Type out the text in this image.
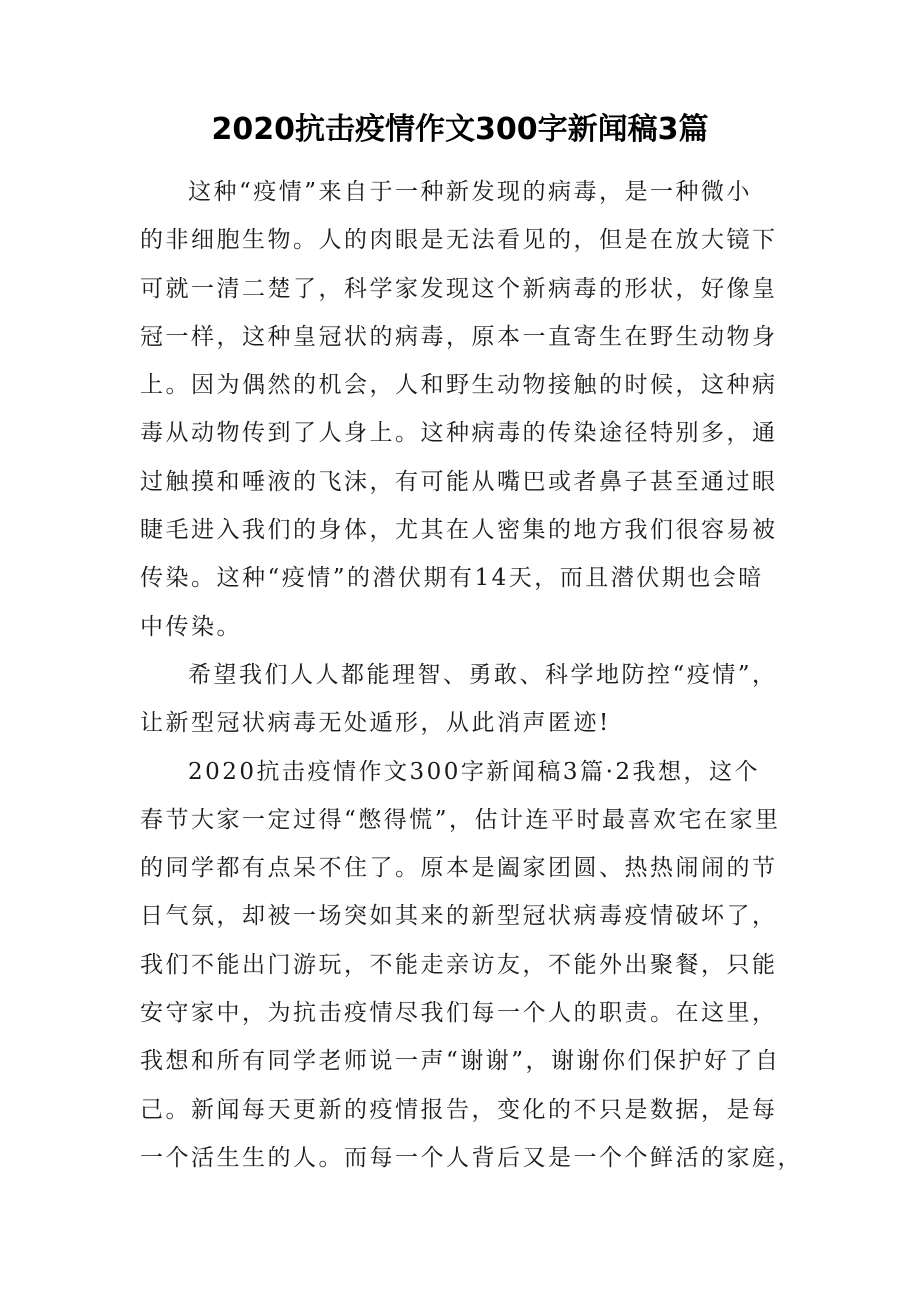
2020抗击疫情作文300字新闻稿3篇
这种“疫情”来自于一种新发现的病毒，是一种微小
的非细胞生物。人的肉眼是无法看见的，但是在放大镜下
可就一清二楚了，科学家发现这个新病毒的形状，好像皇
冠一样，这种皇冠状的病毒，原本一直寄生在野生动物身
上。因为偶然的机会，人和野生动物接触的时候，这种病
毒从动物传到了人身上。这种病毒的传染途径特别多，通
过触摸和唾液的飞沫，有可能从嘴巴或者鼻子甚至通过眼
睫毛进入我们的身体，尤其在人密集的地方我们很容易被
传染。这种“疫情”的潜伏期有14天，而且潜伏期也会暗
中传染。
希望我们人人都能理智、勇敢、科学地防控“疫情”，
让新型冠状病毒无处遁形，从此消声匿迹!
2020抗击疫情作文300字新闻稿3篇·2我想，这个
春节大家一定过得“憋得慌”，估计连平时最喜欢宅在家里
的同学都有点呆不住了。原本是阖家团圆、热热闹闹的节
日气氛，却被一场突如其来的新型冠状病毒疫情破坏了，
我们不能出门游玩，不能走亲访友，不能外出聚餐，只能
安守家中，为抗击疫情尽我们每一个人的职责。在这里，
我想和所有同学老师说一声“谢谢”，谢谢你们保护好了自
己。新闻每天更新的疫情报告，变化的不只是数据，是每
一个活生生的人。而每一个人背后又是一个个鲜活的家庭，
